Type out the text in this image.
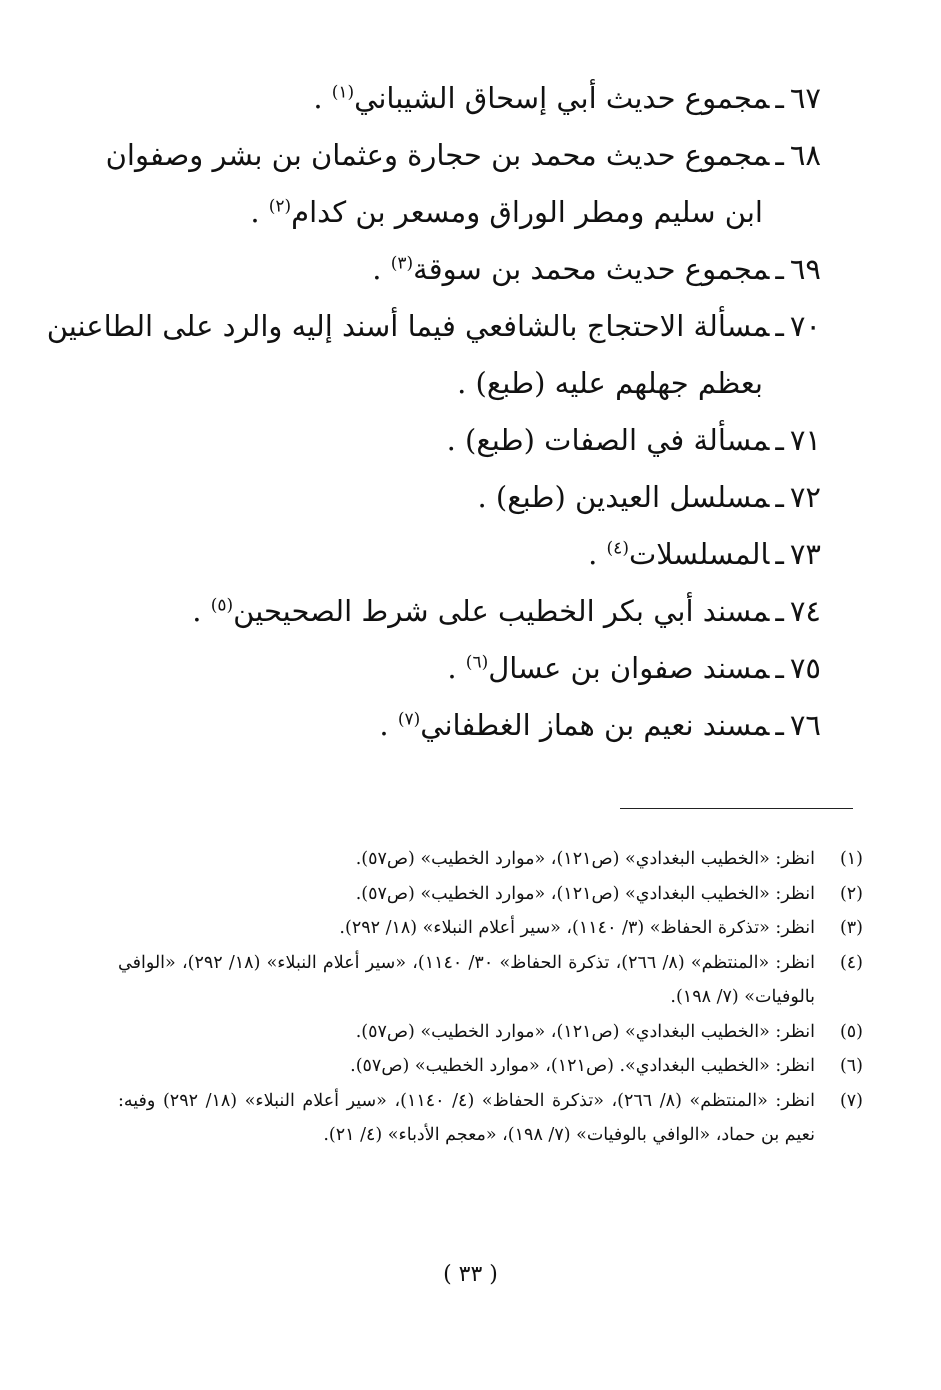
٦٧ـمجموع حديث أبي إسحاق الشيباني$^{(١)}$ .

٦٨ـمجموع حديث محمد بن حجارة وعثمان بن بشر وصفوان

ابن سليم ومطر الوراق ومسعر بن كدام$^{(٢)}$ .

٦٩ـمجموع حديث محمد بن سوقة$^{(٣)}$ .

٧٠ـمسألة الاحتجاج بالشافعي فيما أسند إليه والرد على الطاعنين

بعظم جهلهم عليه (طبع) .

٧١ـمسألة في الصفات (طبع) .

٧٢ـمسلسل العيدين (طبع) .

٧٣ـالمسلسلات$^{(٤)}$ .

٧٤ـمسند أبي بكر الخطيب على شرط الصحيحين$^{(٥)}$ .

٧٥ـمسند صفوان بن عسال$^{(٦)}$ .

٧٦ـمسند نعيم بن هماز الغطفاني$^{(٧)}$ .

(١)
انظر: «الخطيب البغدادي» (ص١٢١)، «موارد الخطيب» (ص٥٧).

(٢)
انظر: «الخطيب البغدادي» (ص١٢١)، «موارد الخطيب» (ص٥٧).

(٣)
انظر: «تذكرة الحفاظ» (٣/ ١١٤٠)، «سير أعلام النبلاء» (١٨/ ٢٩٢).

(٤)
انظر: «المنتظم» (٨/ ٢٦٦)، تذكرة الحفاظ» ٣٠/ ١١٤٠)، «سير أعلام النبلاء» (١٨/ ٢٩٢)، «الوافي بالوفيات» (٧/ ١٩٨).

(٥)
انظر: «الخطيب البغدادي» (ص١٢١)، «موارد الخطيب» (ص٥٧).

(٦)
انظر: «الخطيب البغدادي». (ص١٢١)، «موارد الخطيب» (ص٥٧).

(٧)
انظر: «المنتظم» (٨/ ٢٦٦)، «تذكرة الحفاظ» (٤/ ١١٤٠)، «سير أعلام النبلاء» (١٨/ ٢٩٢) وفيه: نعيم بن حماد، «الوافي بالوفيات» (٧/ ١٩٨)، «معجم الأدباء» (٤/ ٢١).

( ٣٣ )
